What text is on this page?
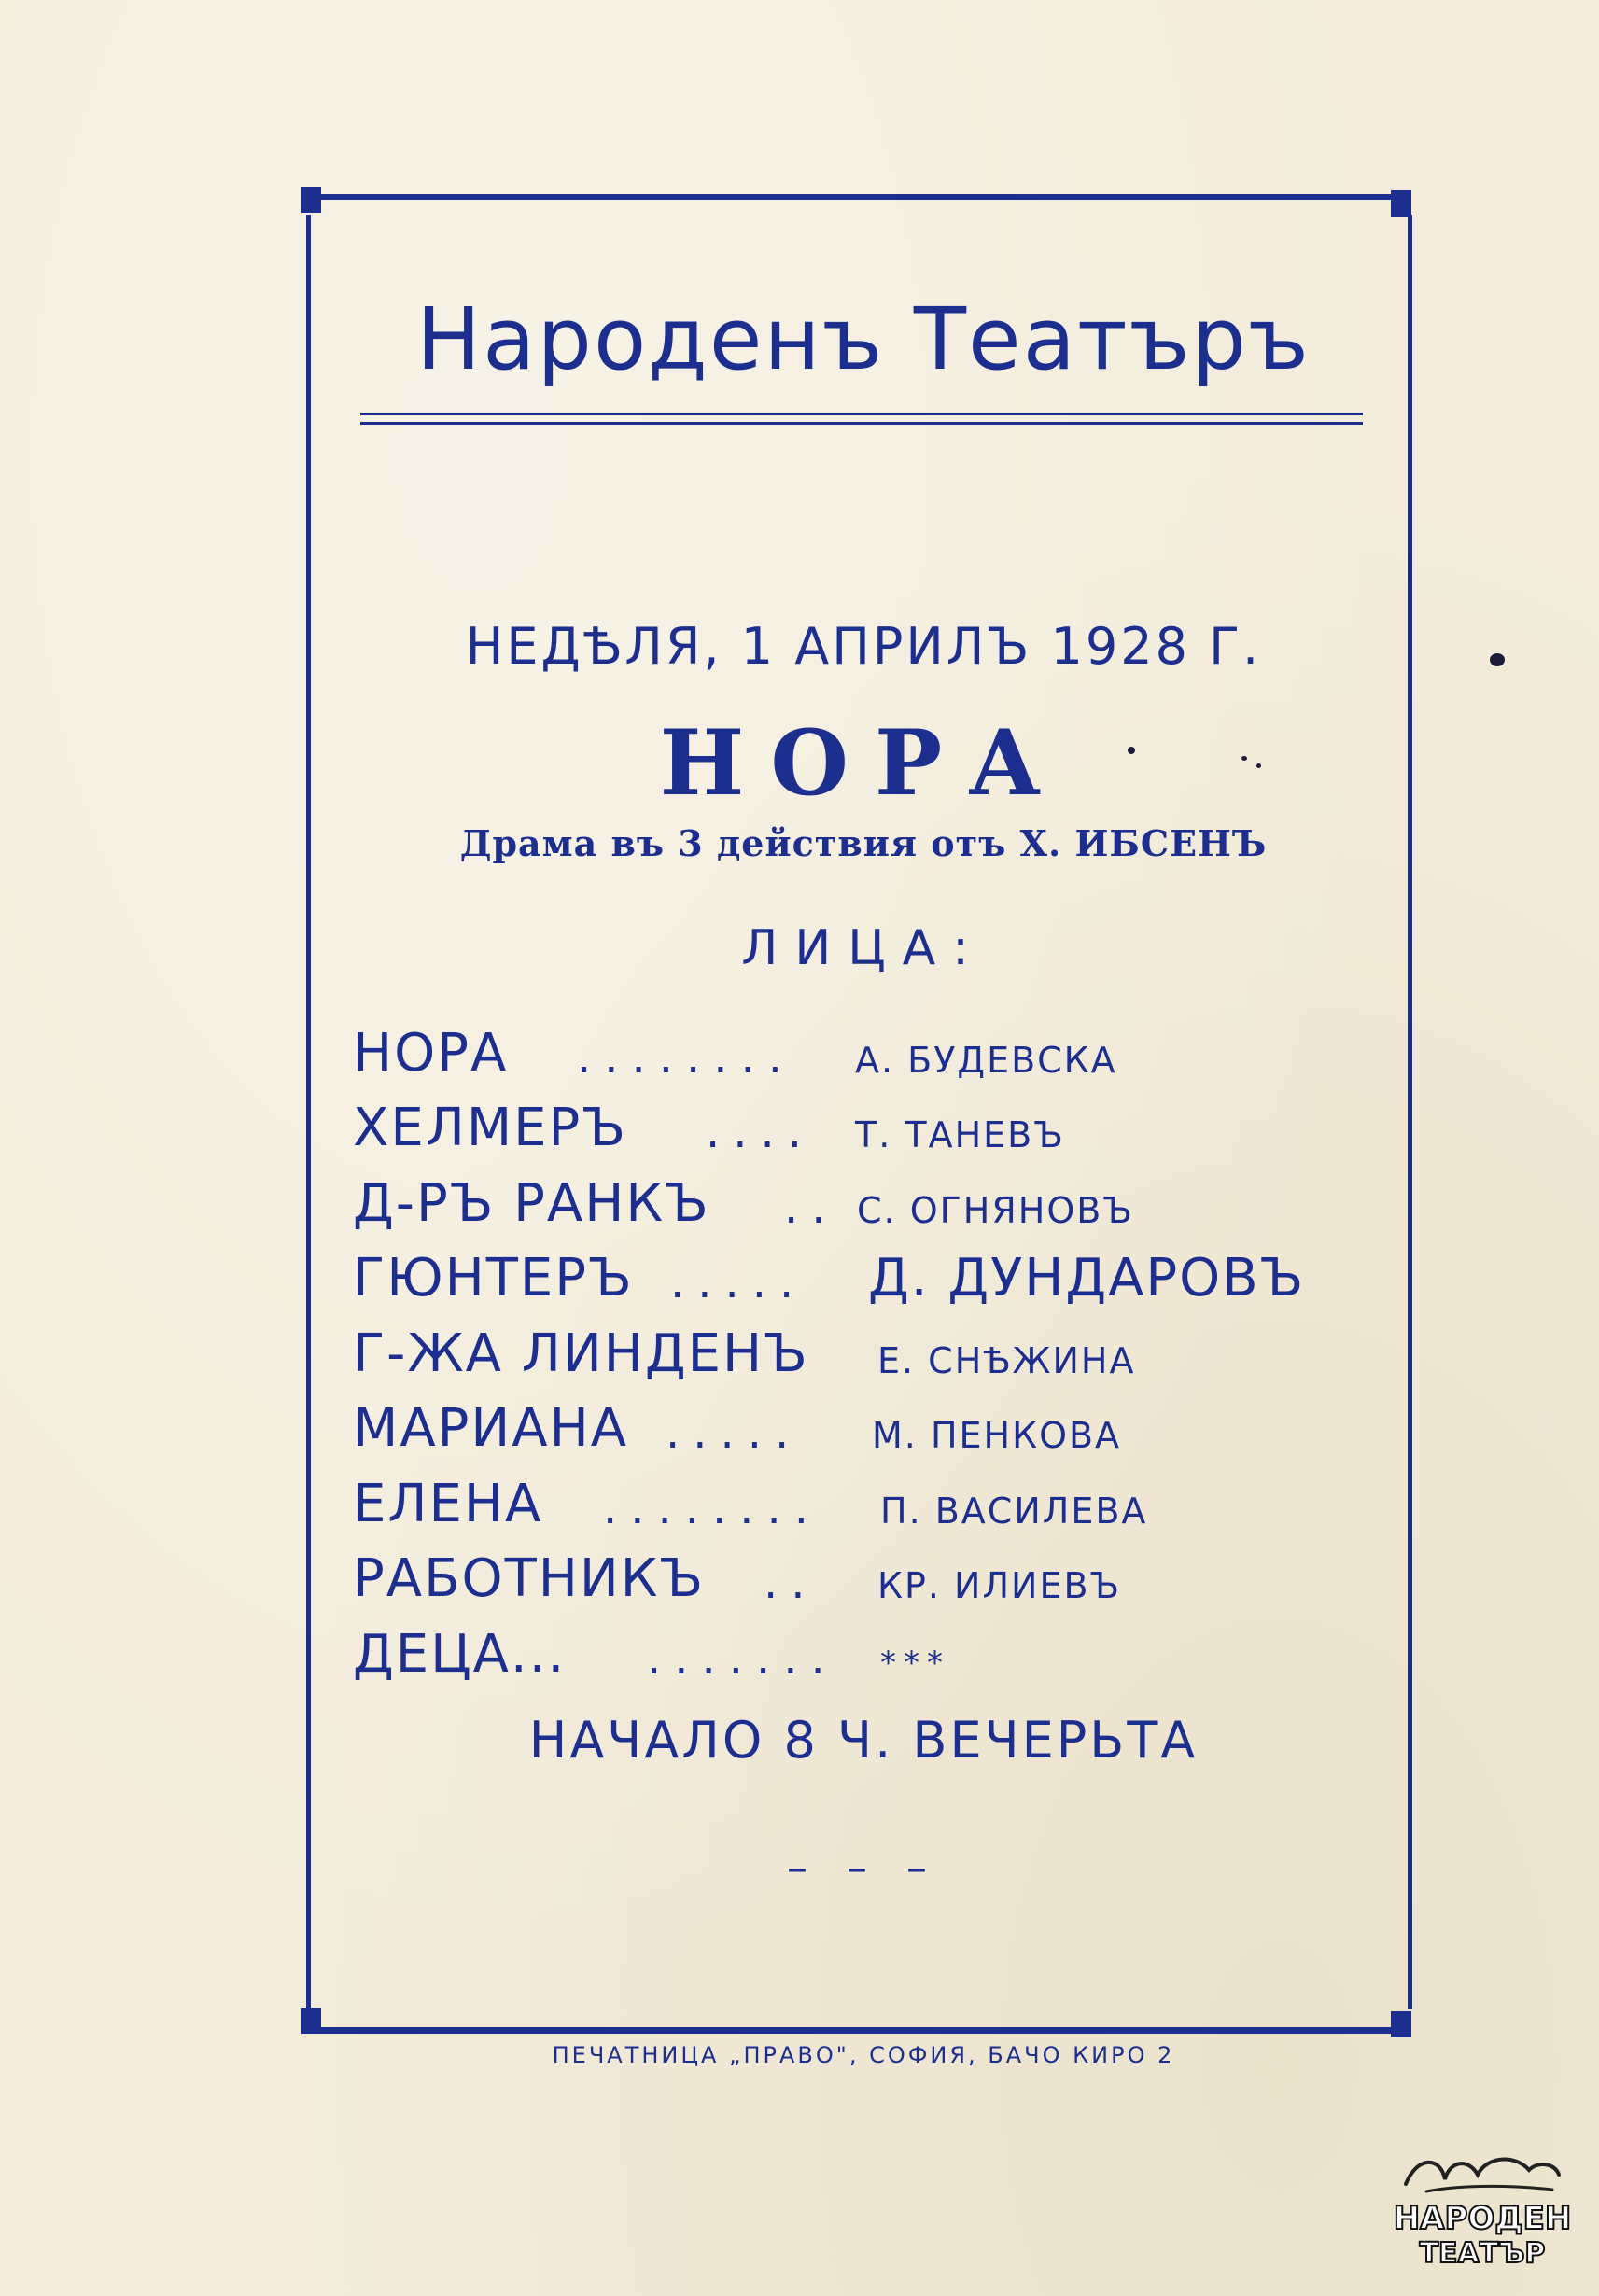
Народенъ Театъръ
НЕДѢЛЯ, 1 АПРИЛЪ 1928 Г.
НОРА
Драма въ 3 действия отъ Х. ИБСЕНЪ
ЛИЦА:
НОРА ........ А. БУДЕВСКА
ХЕЛМЕРЪ .... Т. ТАНЕВЪ
Д-РЪ РАНКЪ .. С. ОГНЯНОВЪ
ГЮНТЕРЪ ..... Д. ДУНДАРОВЪ
Г-ЖА ЛИНДЕНЪ Е. СНѢЖИНА
МАРИАНА ..... М. ПЕНКОВА
ЕЛЕНА ........ П. ВАСИЛЕВА
РАБОТНИКЪ .. КР. ИЛИЕВЪ
ДЕЦА... ....... ***
НАЧАЛО 8 Ч. ВЕЧЕРЬТА
– – –
ПЕЧАТНИЦА „ПРАВО", СОФИЯ, БАЧО КИРО 2
НАРОДЕН
ТЕАТЪР
